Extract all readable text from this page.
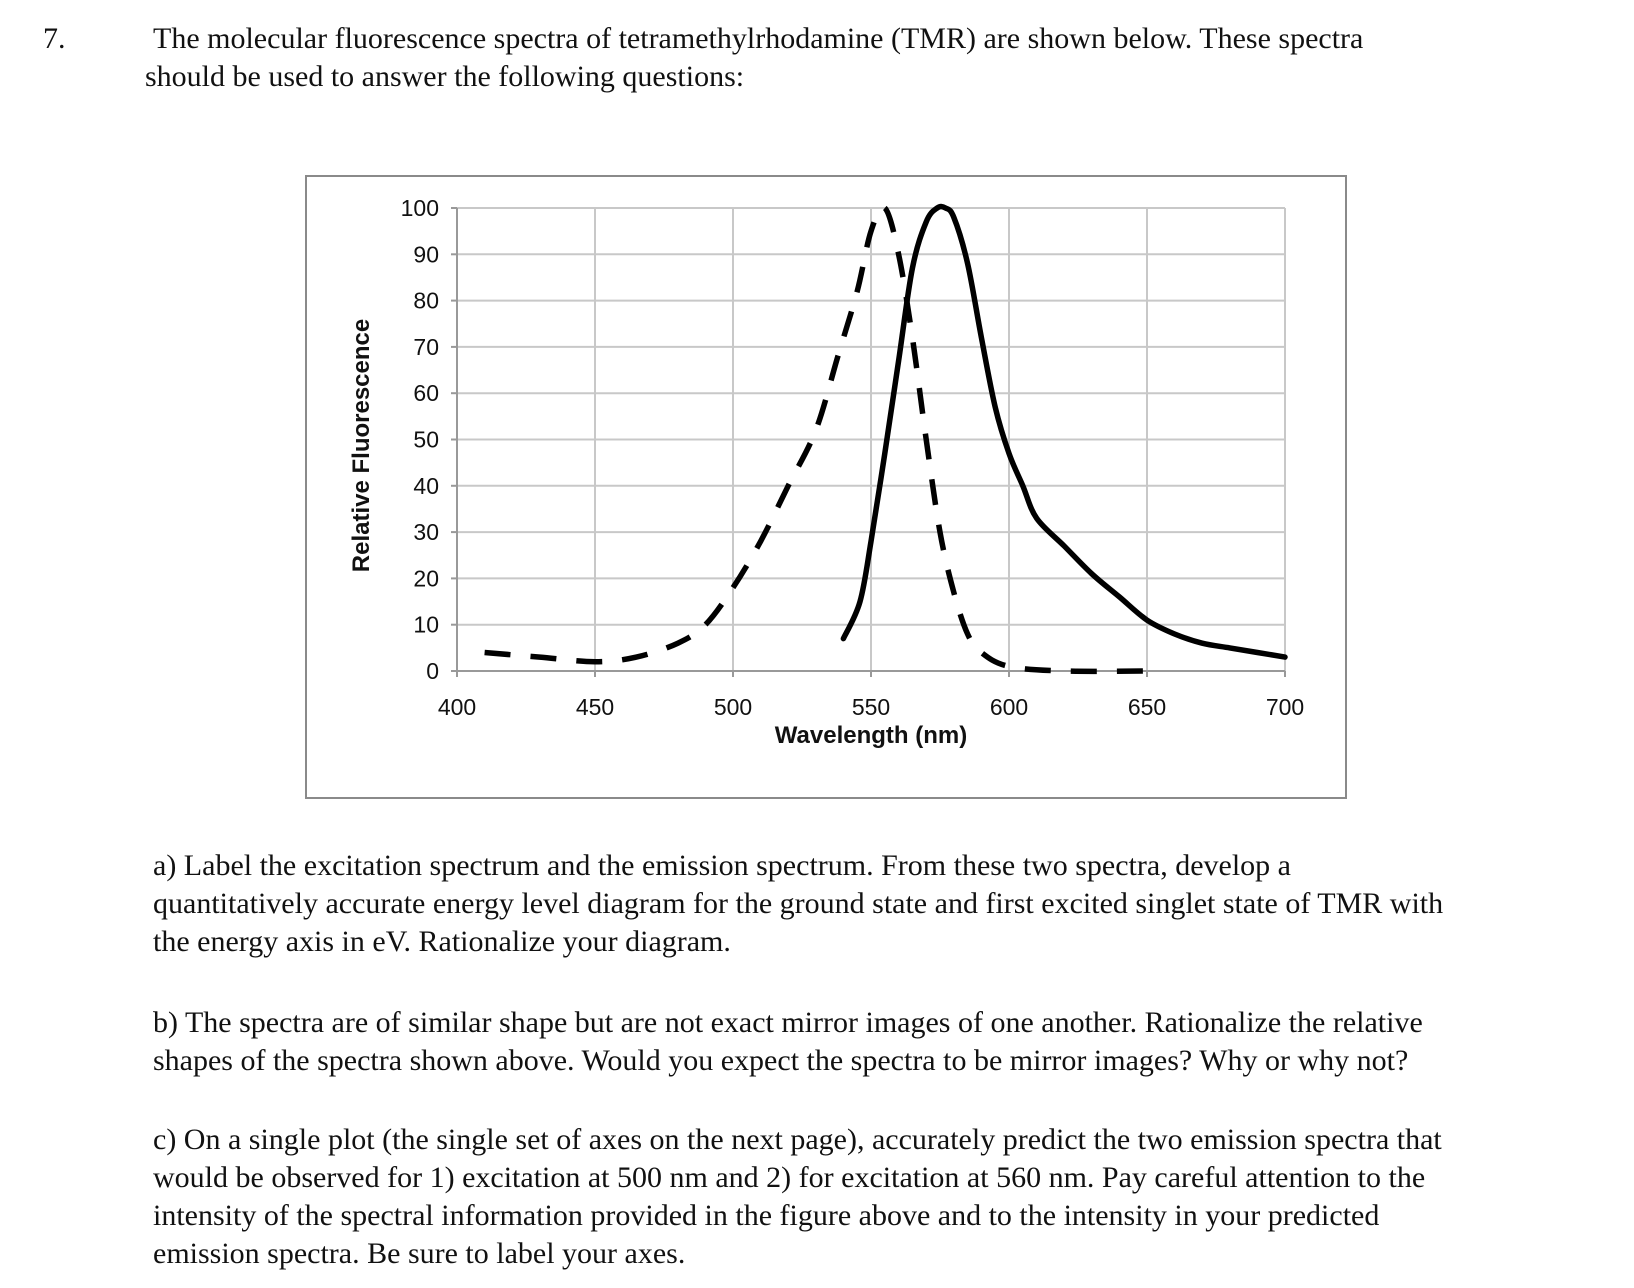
7.	The molecular fluorescence spectra of tetramethylrhodamine (TMR) are shown below. These spectra
should be used to answer the following questions:
0
10
20
30
40
50
60
70
80
90
100
400	450	500	550	600	650	700
Wavelength (nm)
Relative Fluorescence

a) Label the excitation spectrum and the emission spectrum. From these two spectra, develop a

quantitatively accurate energy level diagram for the ground state and first excited singlet state of TMR with

the energy axis in eV. Rationalize your diagram.

b) The spectra are of similar shape but are not exact mirror images of one another. Rationalize the relative

shapes of the spectra shown above. Would you expect the spectra to be mirror images? Why or why not?

c) On a single plot (the single set of axes on the next page), accurately predict the two emission spectra that

would be observed for 1) excitation at 500 nm and 2) for excitation at 560 nm. Pay careful attention to the

intensity of the spectral information provided in the figure above and to the intensity in your predicted

emission spectra. Be sure to label your axes.
